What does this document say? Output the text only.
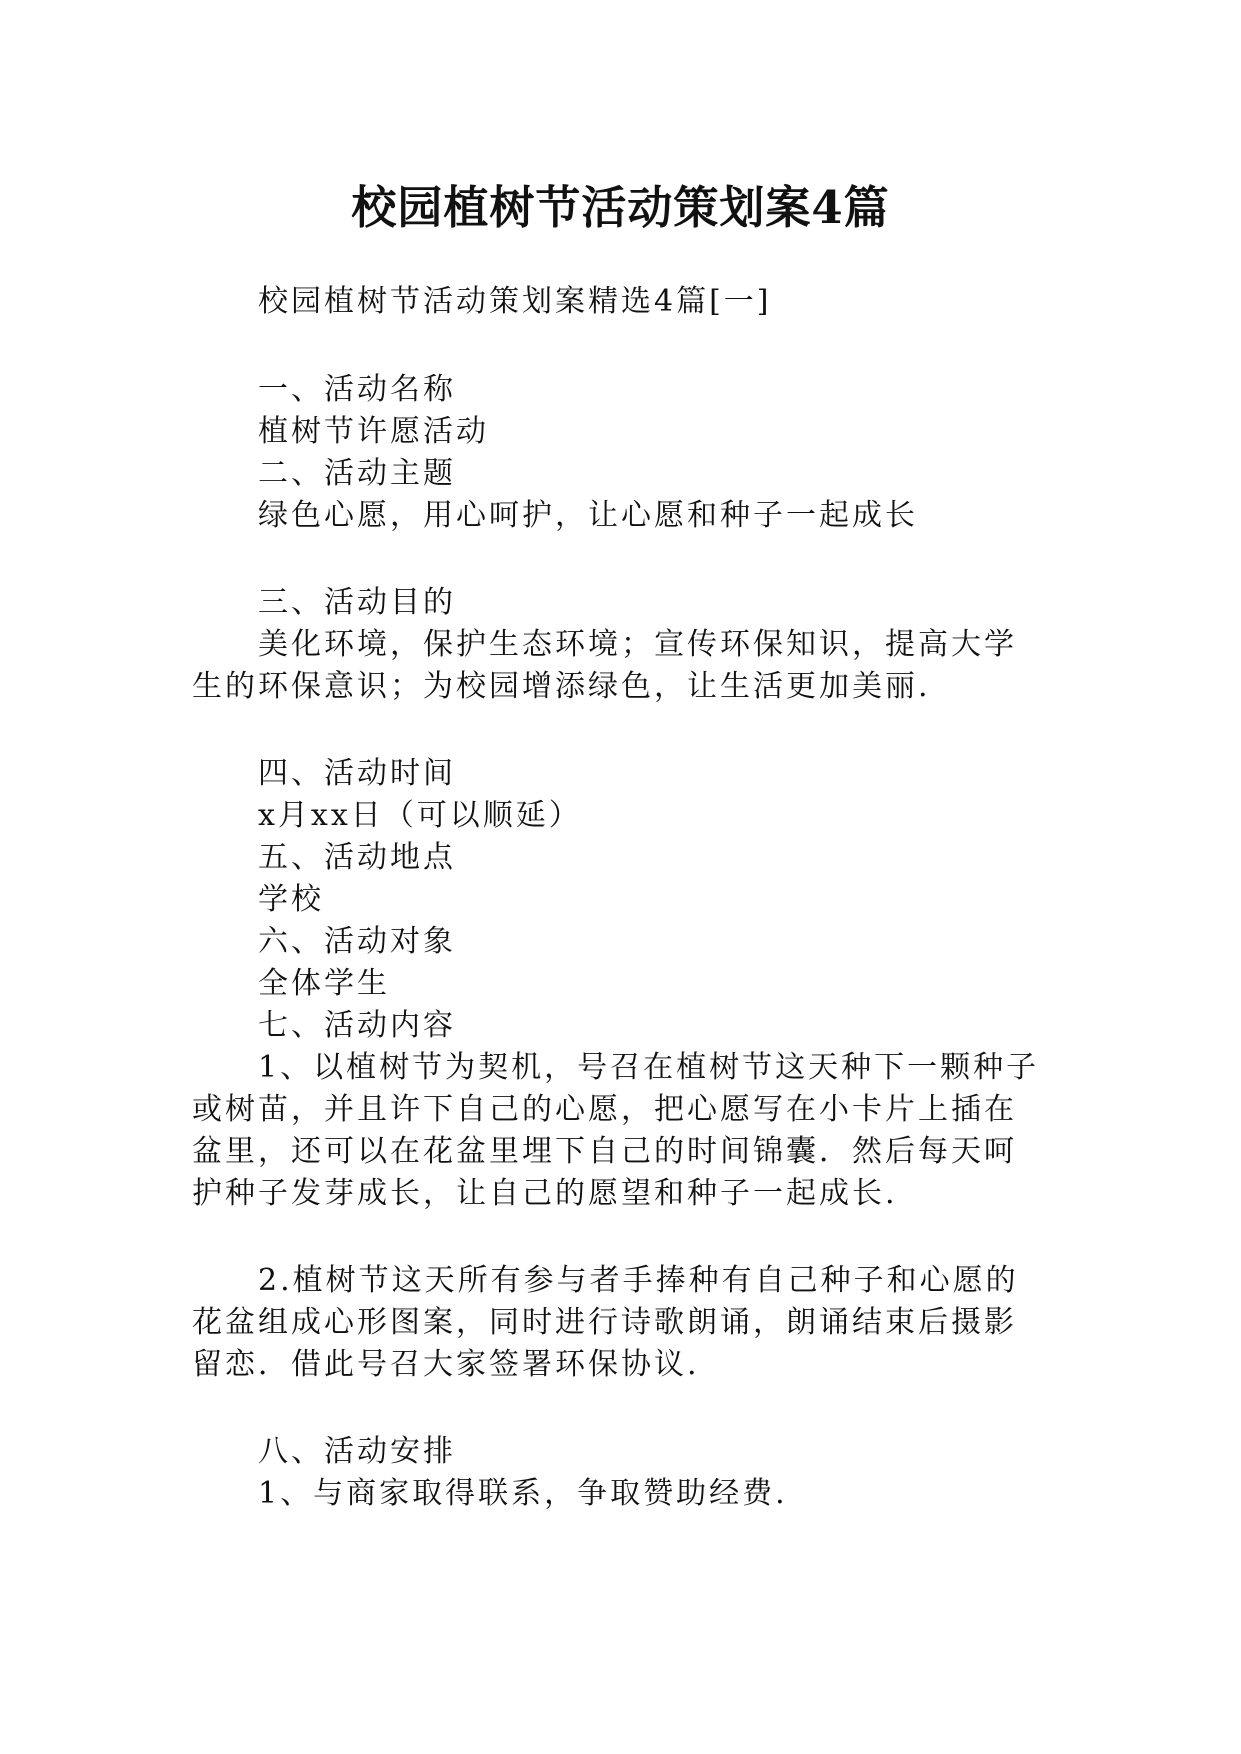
校园植树节活动策划案4篇
校园植树节活动策划案精选4篇[一]
一、活动名称
植树节许愿活动
二、活动主题
绿色心愿，用心呵护，让心愿和种子一起成长
三、活动目的
美化环境，保护生态环境；宣传环保知识，提高大学
生的环保意识；为校园增添绿色，让生活更加美丽.
四、活动时间
x月xx日（可以顺延）
五、活动地点
学校
六、活动对象
全体学生
七、活动内容
1、以植树节为契机，号召在植树节这天种下一颗种子
或树苗，并且许下自己的心愿，把心愿写在小卡片上插在
盆里，还可以在花盆里埋下自己的时间锦囊．然后每天呵
护种子发芽成长，让自己的愿望和种子一起成长.
2.植树节这天所有参与者手捧种有自己种子和心愿的
花盆组成心形图案，同时进行诗歌朗诵，朗诵结束后摄影
留恋．借此号召大家签署环保协议.
八、活动安排
1、与商家取得联系，争取赞助经费.
